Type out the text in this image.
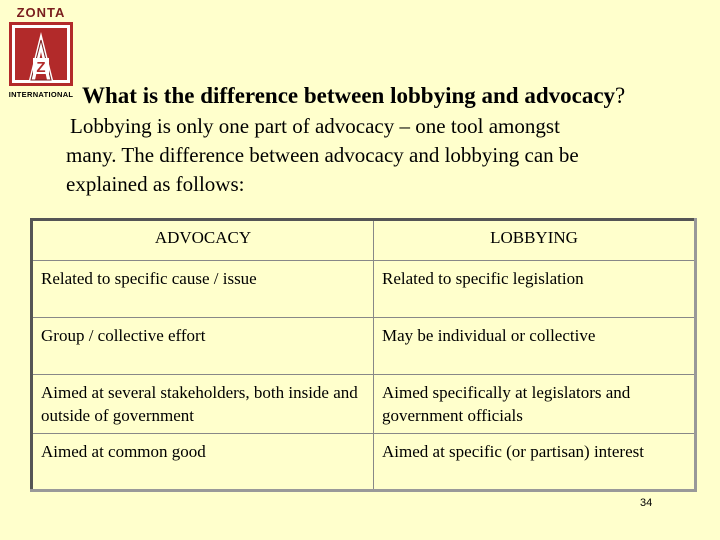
ZONTA
Z
INTERNATIONAL What is the difference between lobbying and advocacy?
Lobbying is only one part of advocacy – one tool amongst
many. The difference between advocacy and lobbying can be
explained as follows:
ADVOCACY	LOBBYING
Related to specific cause / issue	Related to specific legislation
Group / collective effort	May be individual or collective
Aimed at several stakeholders, both inside and outside of government	Aimed specifically at legislators and government officials
Aimed at common good	Aimed at specific (or partisan) interest
34
